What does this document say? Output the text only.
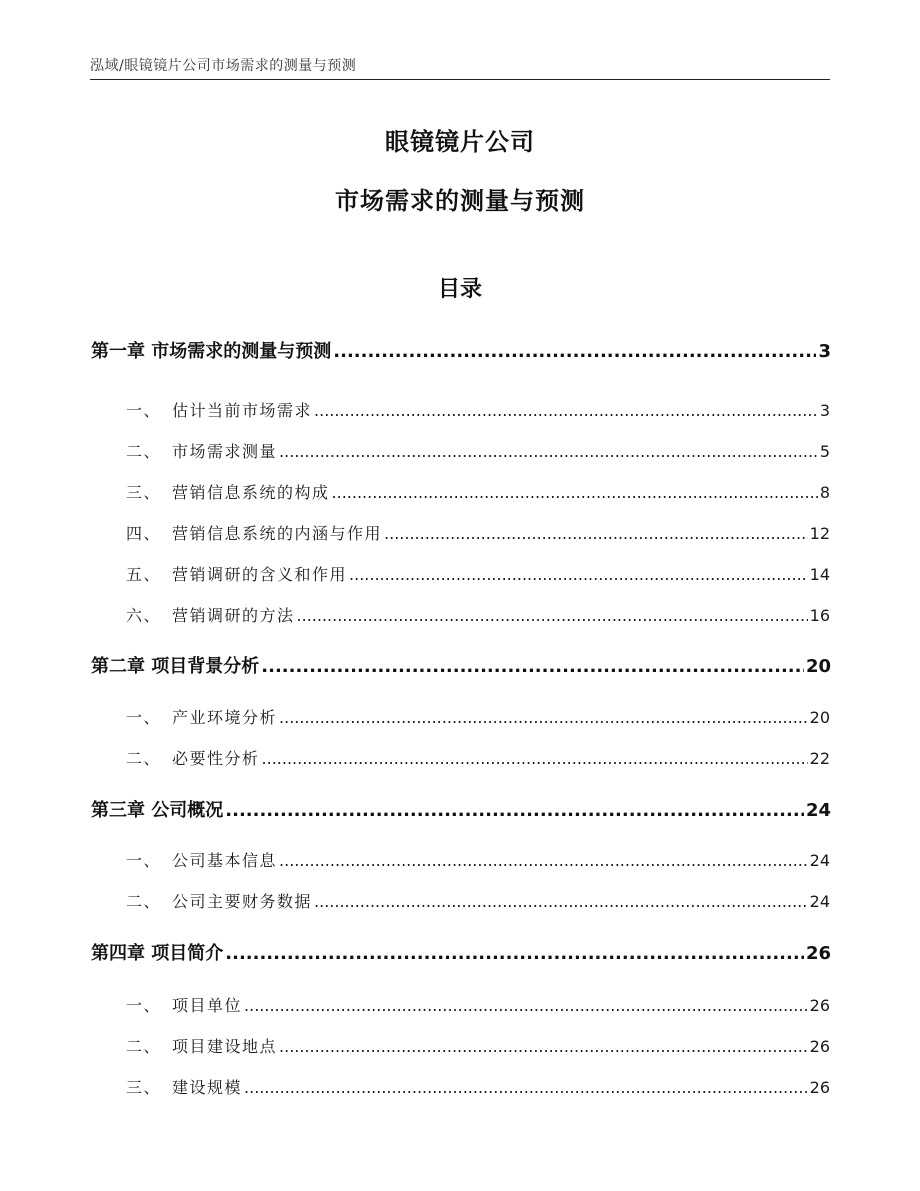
泓域/眼镜镜片公司市场需求的测量与预测
眼镜镜片公司
市场需求的测量与预测
目录
第一章 市场需求的测量与预测 .....	3
一、 估计当前市场需求 .....	3
二、 市场需求测量 .....	5
三、 营销信息系统的构成 .....	8
四、 营销信息系统的内涵与作用 .....	12
五、 营销调研的含义和作用 .....	14
六、 营销调研的方法 .....	16
第二章 项目背景分析 .....	20
一、 产业环境分析 .....	20
二、 必要性分析 .....	22
第三章 公司概况 .....	24
一、 公司基本信息 .....	24
二、 公司主要财务数据 .....	24
第四章 项目简介 .....	26
一、 项目单位 .....	26
二、 项目建设地点 .....	26
三、 建设规模 .....	26
